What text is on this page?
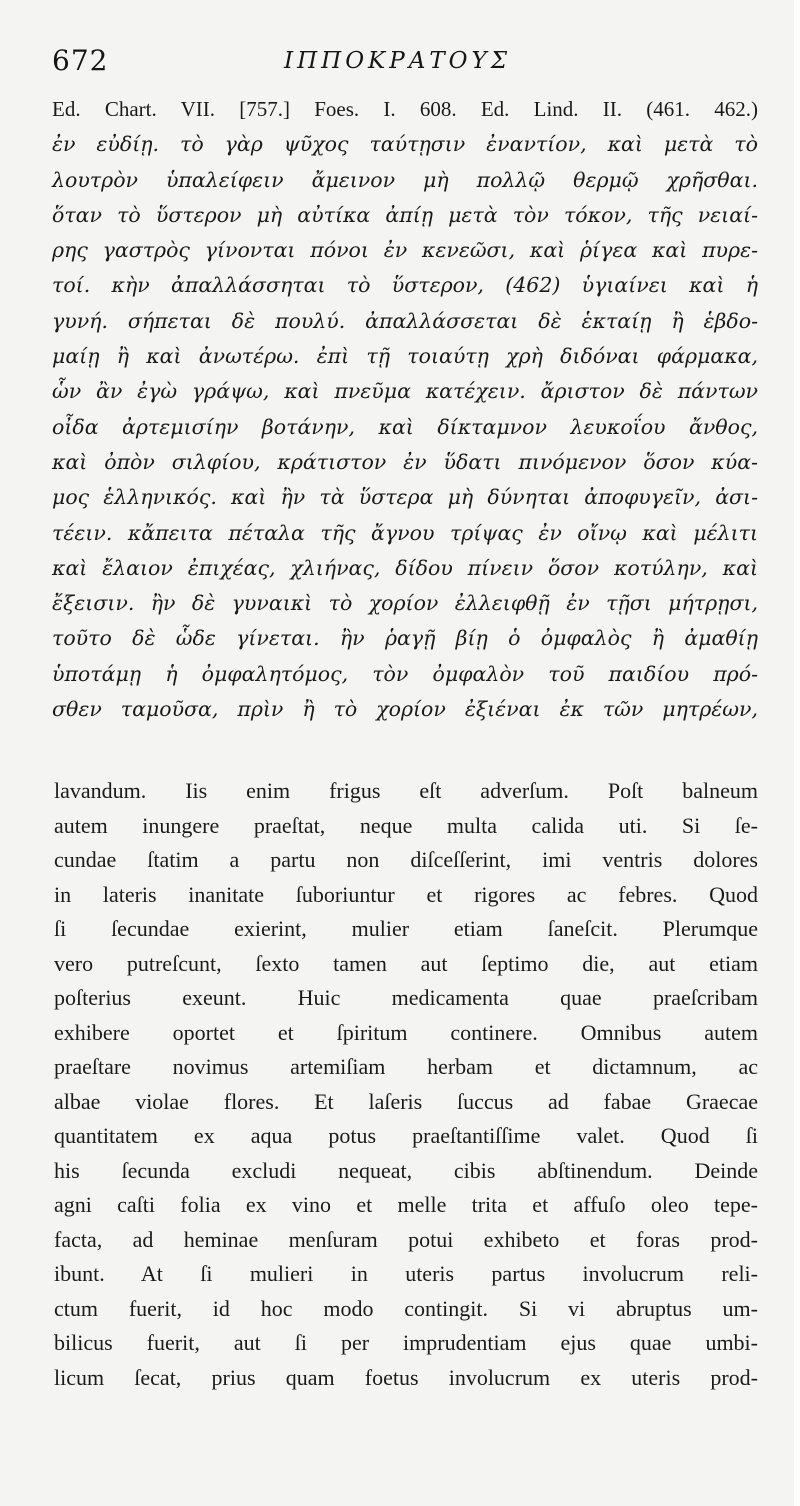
672	ΙΠΠΟΚΡΑΤΟΥΣ
Ed. Chart. VII. [757.] Foes. I. 608. Ed. Lind. II. (461. 462.)
ἐν εὐδίῃ. τὸ γὰρ ψῦχος ταύτῃσιν ἐναντίον, καὶ μετὰ τὸ
λουτρὸν ὑπαλείφειν ἄμεινον μὴ πολλῷ θερμῷ χρῆσθαι.
ὅταν τὸ ὕστερον μὴ αὐτίκα ἀπίῃ μετὰ τὸν τόκον, τῆς νειαί-
ρης γαστρὸς γίνονται πόνοι ἐν κενεῶσι, καὶ ῥίγεα καὶ πυρε-
τοί. κὴν ἀπαλλάσσηται τὸ ὕστερον, (462) ὑγιαίνει καὶ ἡ
γυνή. σήπεται δὲ πουλύ. ἀπαλλάσσεται δὲ ἑκταίῃ ἢ ἑβδο-
μαίῃ ἢ καὶ ἀνωτέρω. ἐπὶ τῇ τοιαύτῃ χρὴ διδόναι φάρμακα,
ὧν ἂν ἐγὼ γράψω, καὶ πνεῦμα κατέχειν. ἄριστον δὲ πάντων
οἶδα ἀρτεμισίην βοτάνην, καὶ δίκταμνον λευκοΐου ἄνθος,
καὶ ὀπὸν σιλφίου, κράτιστον ἐν ὕδατι πινόμενον ὅσον κύα-
μος ἑλληνικός. καὶ ἢν τὰ ὕστερα μὴ δύνηται ἀποφυγεῖν, ἀσι-
τέειν. κἄπειτα πέταλα τῆς ἄγνου τρίψας ἐν οἴνῳ καὶ μέλιτι
καὶ ἔλαιον ἐπιχέας, χλιήνας, δίδου πίνειν ὅσον κοτύλην, καὶ
ἔξεισιν. ἢν δὲ γυναικὶ τὸ χορίον ἐλλειφθῇ ἐν τῇσι μήτρῃσι,
τοῦτο δὲ ὧδε γίνεται. ἢν ῥαγῇ βίῃ ὁ ὀμφαλὸς ἢ ἀμαθίῃ
ὑποτάμῃ ἡ ὀμφαλητόμος, τὸν ὀμφαλὸν τοῦ παιδίου πρό-
σθεν ταμοῦσα, πρὶν ἢ τὸ χορίον ἐξιέναι ἐκ τῶν μητρέων,
lavandum. Iis enim frigus eſt adverſum. Poſt balneum
autem inungere praeſtat, neque multa calida uti. Si ſe-
cundae ſtatim a partu non diſceſſerint, imi ventris dolores
in lateris inanitate ſuboriuntur et rigores ac febres. Quod
ſi ſecundae exierint, mulier etiam ſaneſcit. Plerumque
vero putreſcunt, ſexto tamen aut ſeptimo die, aut etiam
poſterius exeunt. Huic medicamenta quae praeſcribam
exhibere oportet et ſpiritum continere. Omnibus autem
praeſtare novimus artemiſiam herbam et dictamnum, ac
albae violae flores. Et laſeris ſuccus ad fabae Graecae
quantitatem ex aqua potus praeſtantiſſime valet. Quod ſi
his ſecunda excludi nequeat, cibis abſtinendum. Deinde
agni caſti folia ex vino et melle trita et affuſo oleo tepe-
facta, ad heminae menſuram potui exhibeto et foras prod-
ibunt. At ſi mulieri in uteris partus involucrum reli-
ctum fuerit, id hoc modo contingit. Si vi abruptus um-
bilicus fuerit, aut ſi per imprudentiam ejus quae umbi-
licum ſecat, prius quam foetus involucrum ex uteris prod-
